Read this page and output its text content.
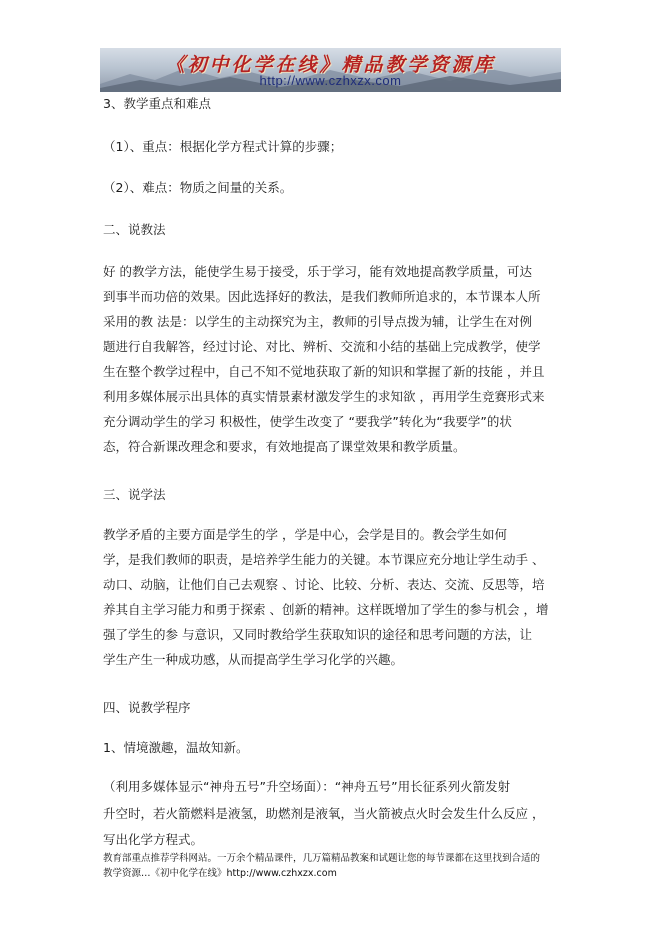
《初中化学在线》精品教学资源库
http://www.czhxzx.com
3、教学重点和难点
（1）、重点：根据化学方程式计算的步骤；
（2）、难点：物质之间量的关系。
二、说教法
好 的教学方法，能使学生易于接受，乐于学习，能有效地提高教学质量，可达
到事半而功倍的效果。因此选择好的教法，是我们教师所追求的，本节课本人所
采用的教 法是：以学生的主动探究为主，教师的引导点拨为辅，让学生在对例
题进行自我解答，经过讨论、对比、辨析、交流和小结的基础上完成教学，使学
生在整个教学过程中，自己不知不觉地获取了新的知识和掌握了新的技能 ，并且
利用多媒体展示出具体的真实情景素材激发学生的求知欲 ，再用学生竞赛形式来
充分调动学生的学习 积极性，使学生改变了 “要我学”转化为“我要学”的状
态，符合新课改理念和要求，有效地提高了课堂效果和教学质量。
三、说学法
教学矛盾的主要方面是学生的学 ，学是中心，会学是目的。教会学生如何
学，是我们教师的职责，是培养学生能力的关键。本节课应充分地让学生动手 、
动口、动脑，让他们自己去观察 、讨论、比较、分析、表达、交流、反思等，培
养其自主学习能力和勇于探索 、创新的精神。这样既增加了学生的参与机会 ，增
强了学生的参 与意识，又同时教给学生获取知识的途径和思考问题的方法，让
学生产生一种成功感，从而提高学生学习化学的兴趣。
四、说教学程序
1、情境激趣，温故知新。
（利用多媒体显示“神舟五号”升空场面）：“神舟五号”用长征系列火箭发射
升空时，若火箭燃料是液氢，助燃剂是液氧，当火箭被点火时会发生什么反应 ，
写出化学方程式。
教育部重点推荐学科网站。一万余个精品课件，几万篇精品教案和试题让您的每节课都在这里找到合适的
教学资源…《初中化学在线》http://www.czhxzx.com
